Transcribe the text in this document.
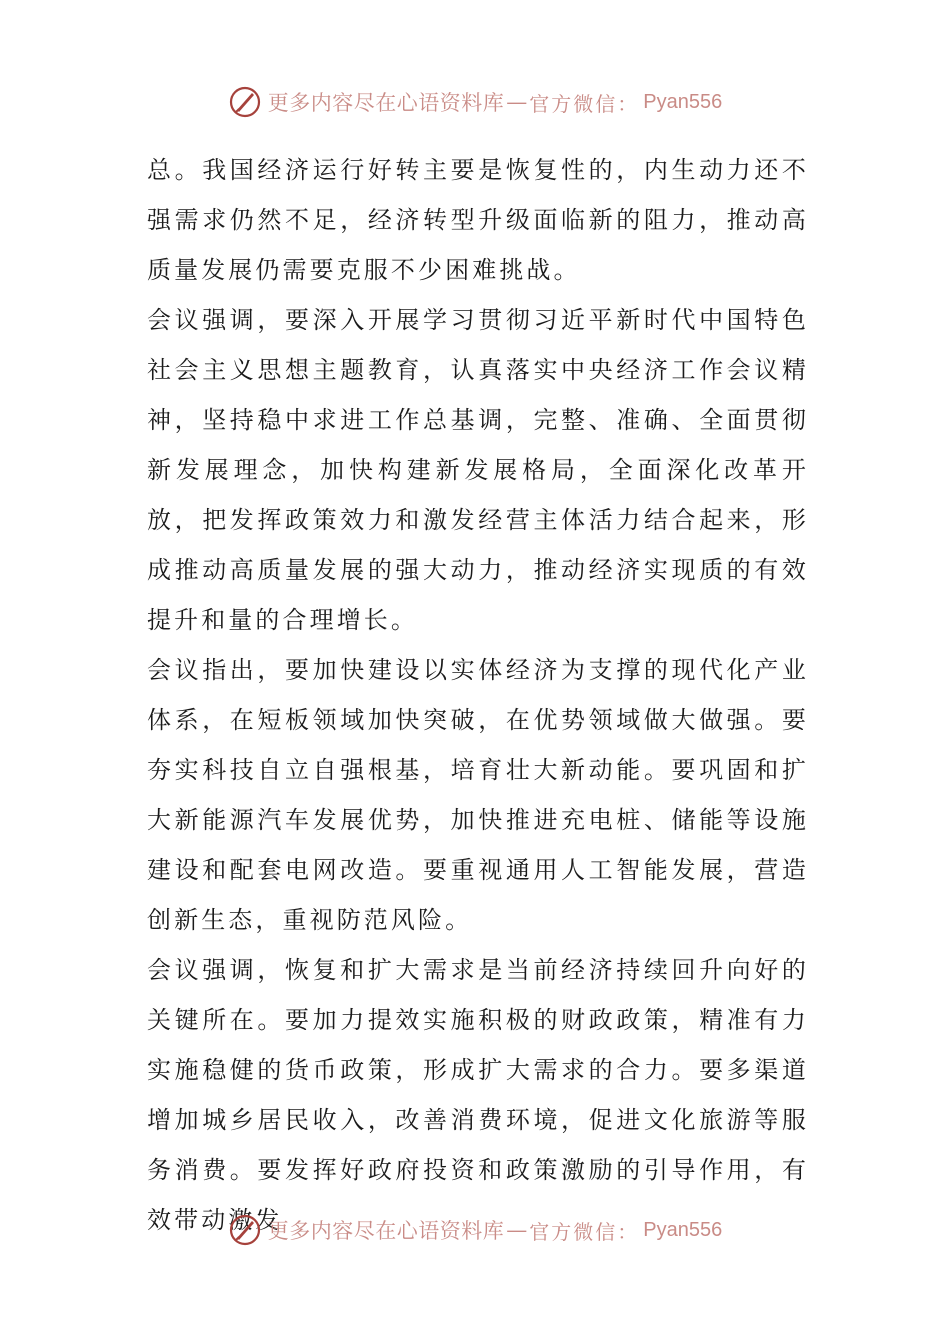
更多内容尽在心语资料库 — 官方微信： Pyan556

总。我国经济运行好转主要是恢复性的，内生动力还不强需求仍然不足，经济转型升级面临新的阻力，推动高质量发展仍需要克服不少困难挑战。

会议强调，要深入开展学习贯彻习近平新时代中国特色社会主义思想主题教育，认真落实中央经济工作会议精神，坚持稳中求进工作总基调，完整、准确、全面贯彻新发展理念，加快构建新发展格局，全面深化改革开放，把发挥政策效力和激发经营主体活力结合起来，形成推动高质量发展的强大动力，推动经济实现质的有效提升和量的合理增长。

会议指出，要加快建设以实体经济为支撑的现代化产业体系，在短板领域加快突破，在优势领域做大做强。要夯实科技自立自强根基，培育壮大新动能。要巩固和扩大新能源汽车发展优势，加快推进充电桩、储能等设施建设和配套电网改造。要重视通用人工智能发展，营造创新生态，重视防范风险。

会议强调，恢复和扩大需求是当前经济持续回升向好的关键所在。要加力提效实施积极的财政政策，精准有力实施稳健的货币政策，形成扩大需求的合力。要多渠道增加城乡居民收入，改善消费环境，促进文化旅游等服务消费。要发挥好政府投资和政策激励的引导作用，有效带动激发

更多内容尽在心语资料库 — 官方微信： Pyan556
